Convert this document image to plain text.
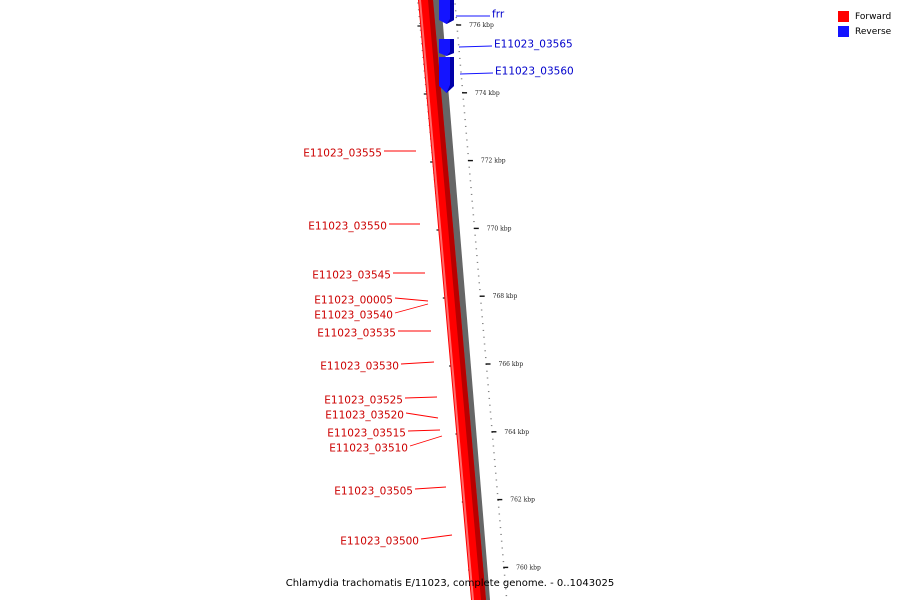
776 kbp
774 kbp
772 kbp
770 kbp
768 kbp
766 kbp
764 kbp
762 kbp
760 kbp
E11023_03555
E11023_03550
E11023_03545
E11023_00005
E11023_03540
E11023_03535
E11023_03530
E11023_03525
E11023_03520
E11023_03515
E11023_03510
E11023_03505
E11023_03500
frr
E11023_03565
E11023_03560
Forward
Reverse
Chlamydia trachomatis E/11023, complete genome. - 0..1043025
